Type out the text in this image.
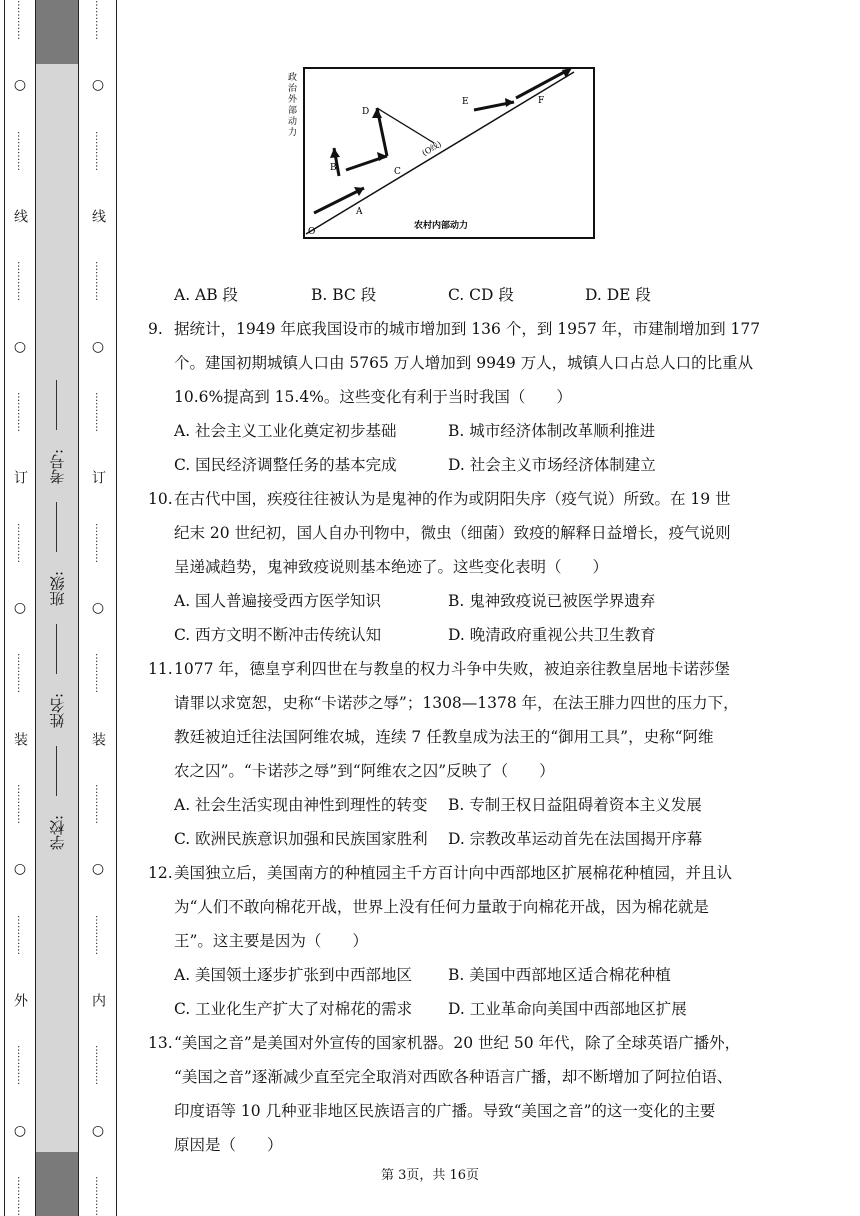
…………
○
…………
线
…………
○
…………
订
…………
○
…………
装
…………
○
…………
外
…………
○
…………
学校:
姓名:
班级:
考号:
…………
○
…………
线
…………
○
…………
订
…………
○
…………
装
…………
○
…………
内
…………
○
…………
政治外 部动力
农村内部动力
O
A
B	C
D
E	F
(O线)
A. AB 段	B. BC 段	C. CD 段	D. DE 段
9. 据统计，1949 年底我国设市的城市增加到 136 个，到 1957 年，市建制增加到 177
个。建国初期城镇人口由 5765 万人增加到 9949 万人，城镇人口占总人口的比重从
10.6%提高到 15.4%。这些变化有利于当时我国（　　）
A. 社会主义工业化奠定初步基础	B. 城市经济体制改革顺利推进
C. 国民经济调整任务的基本完成	D. 社会主义市场经济体制建立
10.在古代中国，疾疫往往被认为是鬼神的作为或阴阳失序（疫气说）所致。在 19 世
纪末 20 世纪初，国人自办刊物中，微虫（细菌）致疫的解释日益增长，疫气说则
呈递减趋势，鬼神致疫说则基本绝迹了。这些变化表明（　　）
A. 国人普遍接受西方医学知识	B. 鬼神致疫说已被医学界遗弃
C. 西方文明不断冲击传统认知	D. 晚清政府重视公共卫生教育
11.1077 年，德皇亨利四世在与教皇的权力斗争中失败，被迫亲往教皇居地卡诺莎堡
请罪以求宽恕，史称“卡诺莎之辱”；1308—1378 年，在法王腓力四世的压力下，
教廷被迫迁往法国阿维农城，连续 7 任教皇成为法王的“御用工具”，史称“阿维
农之囚”。“卡诺莎之辱”到“阿维农之囚”反映了（　　）
A. 社会生活实现由神性到理性的转变 B. 专制王权日益阻碍着资本主义发展
C. 欧洲民族意识加强和民族国家胜利 D. 宗教改革运动首先在法国揭开序幕
12.美国独立后，美国南方的种植园主千方百计向中西部地区扩展棉花种植园，并且认
为“人们不敢向棉花开战，世界上没有任何力量敢于向棉花开战，因为棉花就是
王”。这主要是因为（　　）
A. 美国领土逐步扩张到中西部地区 B. 美国中西部地区适合棉花种植
C. 工业化生产扩大了对棉花的需求 D. 工业革命向美国中西部地区扩展
13.“美国之音”是美国对外宣传的国家机器。20 世纪 50 年代，除了全球英语广播外，
“美国之音”逐渐减少直至完全取消对西欧各种语言广播，却不断增加了阿拉伯语、
印度语等 10 几种亚非地区民族语言的广播。导致“美国之音”的这一变化的主要
原因是（　　）
第 3页，共 16页
